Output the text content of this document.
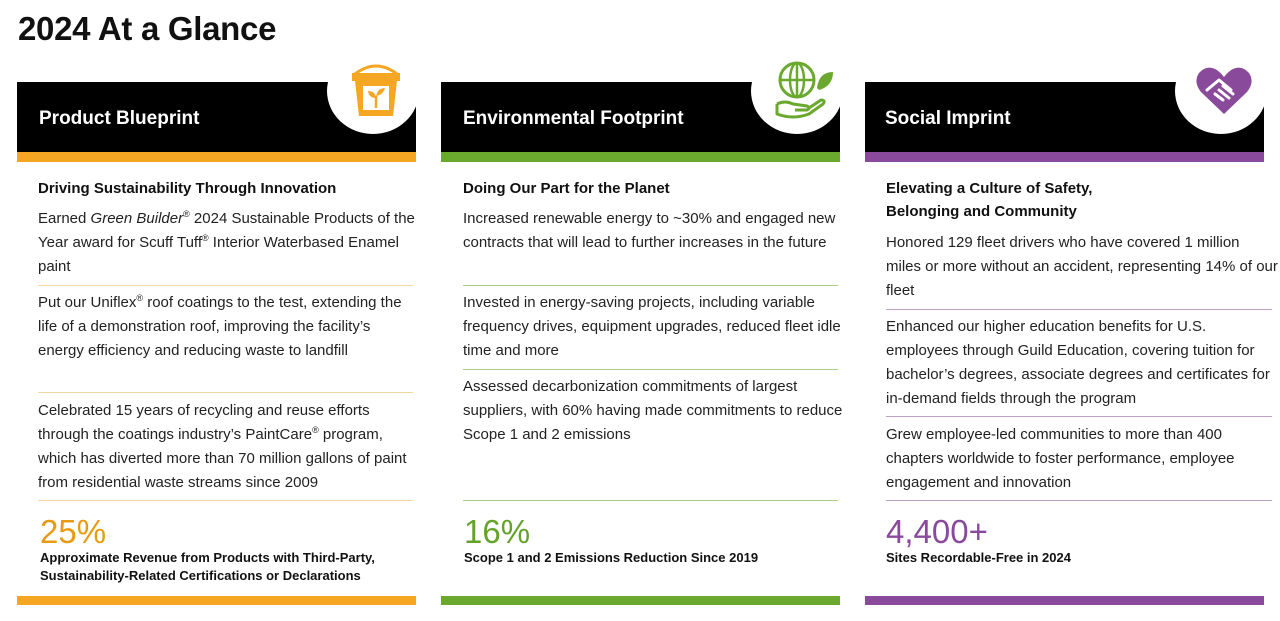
2024 At a Glance
Product Blueprint
Driving Sustainability Through Innovation
Earned Green Builder® 2024 Sustainable Products of the Year award for Scuff Tuff® Interior Waterbased Enamel paint
Put our Uniflex® roof coatings to the test, extending the life of a demonstration roof, improving the facility’s energy efficiency and reducing waste to landfill
Celebrated 15 years of recycling and reuse efforts through the coatings industry’s PaintCare® program, which has diverted more than 70 million gallons of paint from residential waste streams since 2009
25%
Approximate Revenue from Products with Third-Party, Sustainability-Related Certifications or Declarations
Environmental Footprint
Doing Our Part for the Planet
Increased renewable energy to ~30% and engaged new contracts that will lead to further increases in the future
Invested in energy-saving projects, including variable frequency drives, equipment upgrades, reduced fleet idle time and more
Assessed decarbonization commitments of largest suppliers, with 60% having made commitments to reduce Scope 1 and 2 emissions
16%
Scope 1 and 2 Emissions Reduction Since 2019
Social Imprint
Elevating a Culture of Safety, Belonging and Community
Honored 129 fleet drivers who have covered 1 million miles or more without an accident, representing 14% of our fleet
Enhanced our higher education benefits for U.S. employees through Guild Education, covering tuition for bachelor’s degrees, associate degrees and certificates for in-demand fields through the program
Grew employee-led communities to more than 400 chapters worldwide to foster performance, employee engagement and innovation
4,400+
Sites Recordable-Free in 2024
